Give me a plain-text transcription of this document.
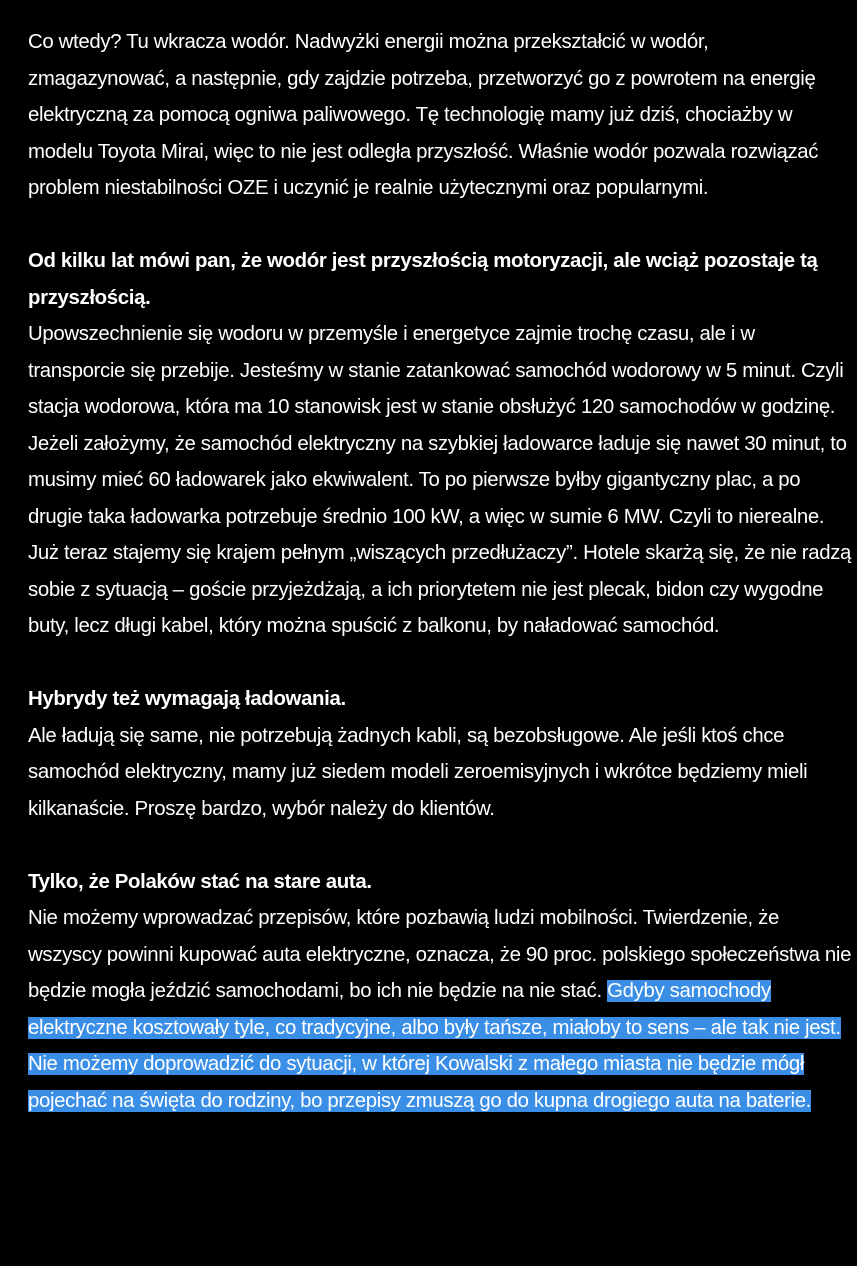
Co wtedy? Tu wkracza wodór. Nadwyżki energii można przekształcić w wodór, zmagazynować, a następnie, gdy zajdzie potrzeba, przetworzyć go z powrotem na energię elektryczną za pomocą ogniwa paliwowego. Tę technologię mamy już dziś, chociażby w modelu Toyota Mirai, więc to nie jest odległa przyszłość. Właśnie wodór pozwala rozwiązać problem niestabilności OZE i uczynić je realnie użytecznymi oraz popularnymi.

Od kilku lat mówi pan, że wodór jest przyszłością motoryzacji, ale wciąż pozostaje tą przyszłością.
Upowszechnienie się wodoru w przemyśle i energetyce zajmie trochę czasu, ale i w transporcie się przebije. Jesteśmy w stanie zatankować samochód wodorowy w 5 minut. Czyli stacja wodorowa, która ma 10 stanowisk jest w stanie obsłużyć 120 samochodów w godzinę. Jeżeli założymy, że samochód elektryczny na szybkiej ładowarce ładuje się nawet 30 minut, to musimy mieć 60 ładowarek jako ekwiwalent. To po pierwsze byłby gigantyczny plac, a po drugie taka ładowarka potrzebuje średnio 100 kW, a więc w sumie 6 MW. Czyli to nierealne. Już teraz stajemy się krajem pełnym „wiszących przedłużaczy”. Hotele skarżą się, że nie radzą sobie z sytuacją – goście przyjeżdżają, a ich priorytetem nie jest plecak, bidon czy wygodne buty, lecz długi kabel, który można spuścić z balkonu, by naładować samochód.

Hybrydy też wymagają ładowania.
Ale ładują się same, nie potrzebują żadnych kabli, są bezobsługowe. Ale jeśli ktoś chce samochód elektryczny, mamy już siedem modeli zeroemisyjnych i wkrótce będziemy mieli kilkanaście. Proszę bardzo, wybór należy do klientów.

Tylko, że Polaków stać na stare auta.
Nie możemy wprowadzać przepisów, które pozbawią ludzi mobilności. Twierdzenie, że wszyscy powinni kupować auta elektryczne, oznacza, że 90 proc. polskiego społeczeństwa nie będzie mogła jeździć samochodami, bo ich nie będzie na nie stać. Gdyby samochody elektryczne kosztowały tyle, co tradycyjne, albo były tańsze, miałoby to sens – ale tak nie jest. Nie możemy doprowadzić do sytuacji, w której Kowalski z małego miasta nie będzie mógł pojechać na święta do rodziny, bo przepisy zmuszą go do kupna drogiego auta na baterie.
